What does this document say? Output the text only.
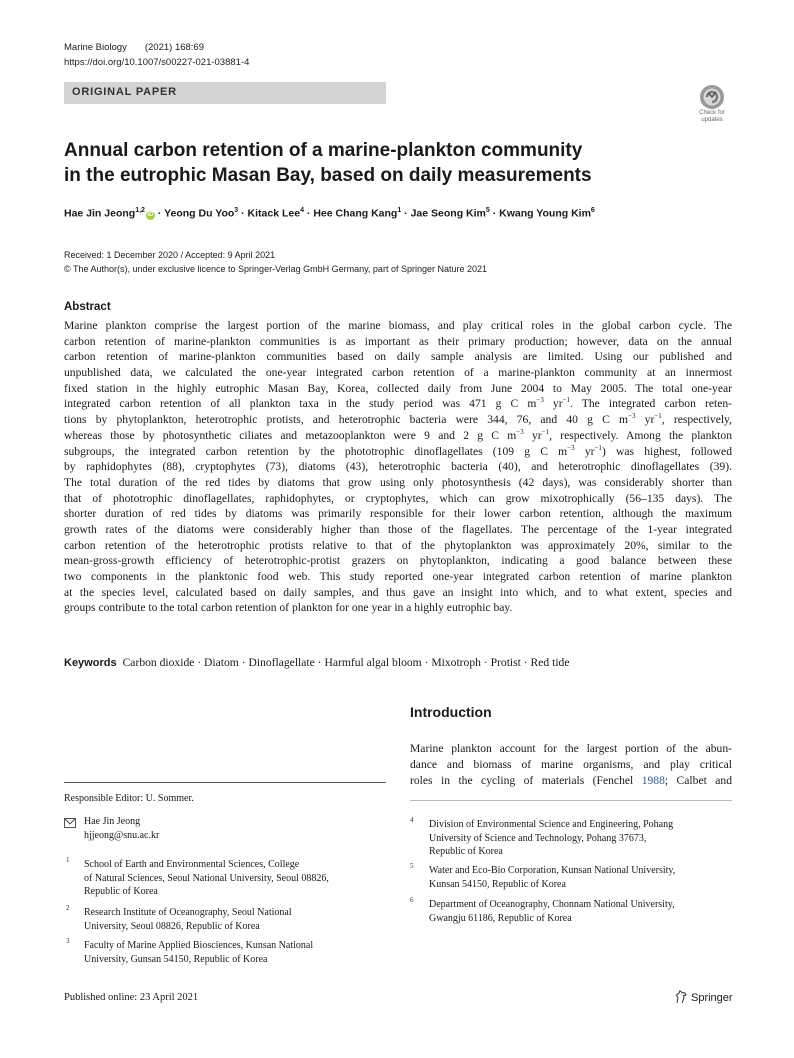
Marine Biology (2021) 168:69
https://doi.org/10.1007/s00227-021-03881-4
ORIGINAL PAPER
Check for
updates
Annual carbon retention of a marine-plankton community
in the eutrophic Masan Bay, based on daily measurements
Hae Jin Jeong$^{1,2}$iD · Yeong Du Yoo$^3$ · Kitack Lee$^4$ · Hee Chang Kang$^1$ · Jae Seong Kim$^5$ · Kwang Young Kim$^6$
Received: 1 December 2020 / Accepted: 9 April 2021
© The Author(s), under exclusive licence to Springer-Verlag GmbH Germany, part of Springer Nature 2021
Abstract
Marine plankton comprise the largest portion of the marine biomass, and play critical roles in the global carbon cycle. The
carbon retention of marine-plankton communities is as important as their primary production; however, data on the annual
carbon retention of marine-plankton communities based on daily sample analysis are limited. Using our published and
unpublished data, we calculated the one-year integrated carbon retention of a marine-plankton community at an innermost
fixed station in the highly eutrophic Masan Bay, Korea, collected daily from June 2004 to May 2005. The total one-year
integrated carbon retention of all plankton taxa in the study period was 471 g C $m^{-3}$ $yr^{-1}$. The integrated carbon reten-
tions by phytoplankton, heterotrophic protists, and heterotrophic bacteria were 344, 76, and 40 g C $m^{-3}$ $yr^{-1}$, respectively,
whereas those by photosynthetic ciliates and metazooplankton were 9 and 2 g C $m^{-3}$ $yr^{-1}$, respectively. Among the plankton
subgroups, the integrated carbon retention by the phototrophic dinoflagellates (109 g C $m^{-3}$ $yr^{-1}$) was highest, followed
by raphidophytes (88), cryptophytes (73), diatoms (43), heterotrophic bacteria (40), and heterotrophic dinoflagellates (39).
The total duration of the red tides by diatoms that grow using only photosynthesis (42 days), was considerably shorter than
that of phototrophic dinoflagellates, raphidophytes, or cryptophytes, which can grow mixotrophically (56–135 days). The
shorter duration of red tides by diatoms was primarily responsible for their lower carbon retention, although the maximum
growth rates of the diatoms were considerably higher than those of the flagellates. The percentage of the 1-year integrated
carbon retention of the heterotrophic protists relative to that of the phytoplankton was approximately 20%, similar to the
mean-gross-growth efficiency of heterotrophic-protist grazers on phytoplankton, indicating a good balance between these
two components in the planktonic food web. This study reported one-year integrated carbon retention of marine plankton
at the species level, calculated based on daily samples, and thus gave an insight into which, and to what extent, species and
groups contribute to the total carbon retention of plankton for one year in a highly eutrophic bay.
Keywords Carbon dioxide · Diatom · Dinoflagellate · Harmful algal bloom · Mixotroph · Protist · Red tide
Introduction
Marine plankton account for the largest portion of the abun-
dance and biomass of marine organisms, and play critical
roles in the cycling of materials (Fenchel 1988; Calbet and
Responsible Editor: U. Sommer.
Hae Jin Jeong
hjjeong@snu.ac.kr
1 School of Earth and Environmental Sciences, College
of Natural Sciences, Seoul National University, Seoul 08826,
Republic of Korea
2 Research Institute of Oceanography, Seoul National
University, Seoul 08826, Republic of Korea
3 Faculty of Marine Applied Biosciences, Kunsan National
University, Gunsan 54150, Republic of Korea
4 Division of Environmental Science and Engineering, Pohang
University of Science and Technology, Pohang 37673,
Republic of Korea
5 Water and Eco-Bio Corporation, Kunsan National University,
Kunsan 54150, Republic of Korea
6 Department of Oceanography, Chonnam National University,
Gwangju 61186, Republic of Korea
Published online: 23 April 2021	Springer
